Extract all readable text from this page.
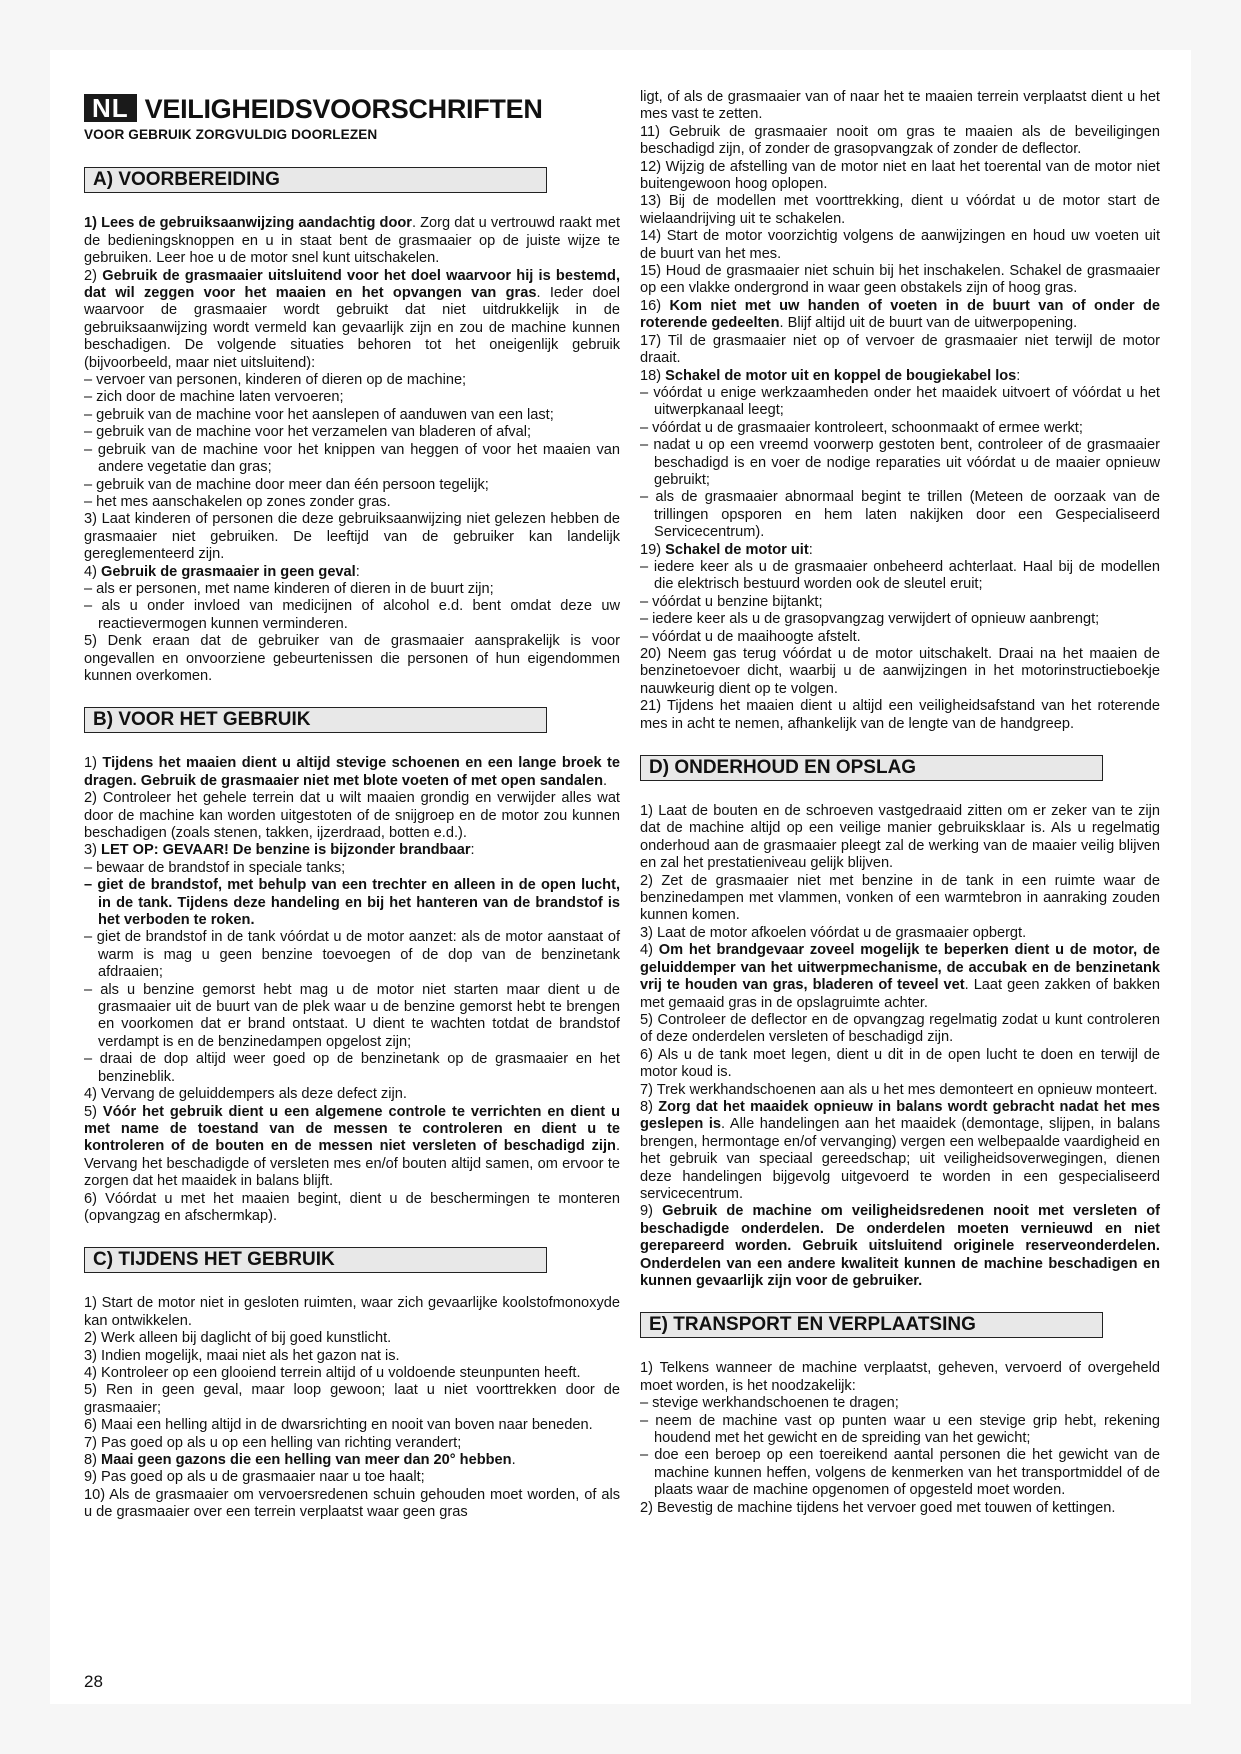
NL VEILIGHEIDSVOORSCHRIFTEN
VOOR GEBRUIK ZORGVULDIG DOORLEZEN
A) VOORBEREIDING

1) Lees de gebruiksaanwijzing aandachtig door. Zorg dat u vertrouwd raakt met de bedieningsknoppen en u in staat bent de grasmaaier op de juiste wijze te gebruiken. Leer hoe u de motor snel kunt uitschakelen.

2) Gebruik de grasmaaier uitsluitend voor het doel waarvoor hij is bestemd, dat wil zeggen voor het maaien en het opvangen van gras. Ieder doel waarvoor de grasmaaier wordt gebruikt dat niet uitdrukkelijk in de gebruiksaanwijzing wordt vermeld kan gevaarlijk zijn en zou de machine kunnen beschadigen. De volgende situaties behoren tot het oneigenlijk gebruik (bijvoorbeeld, maar niet uitsluitend):

– vervoer van personen, kinderen of dieren op de machine;

– zich door de machine laten vervoeren;

– gebruik van de machine voor het aanslepen of aanduwen van een last;

– gebruik van de machine voor het verzamelen van bladeren of afval;

– gebruik van de machine voor het knippen van heggen of voor het maaien van andere vegetatie dan gras;

– gebruik van de machine door meer dan één persoon tegelijk;

– het mes aanschakelen op zones zonder gras.

3) Laat kinderen of personen die deze gebruiksaanwijzing niet gelezen hebben de grasmaaier niet gebruiken. De leeftijd van de gebruiker kan landelijk gereglementeerd zijn.

4) Gebruik de grasmaaier in geen geval:

– als er personen, met name kinderen of dieren in de buurt zijn;

– als u onder invloed van medicijnen of alcohol e.d. bent omdat deze uw reactievermogen kunnen verminderen.

5) Denk eraan dat de gebruiker van de grasmaaier aansprakelijk is voor ongevallen en onvoorziene gebeurtenissen die personen of hun eigendommen kunnen overkomen.

B) VOOR HET GEBRUIK

1) Tijdens het maaien dient u altijd stevige schoenen en een lange broek te dragen. Gebruik de grasmaaier niet met blote voeten of met open sandalen.

2) Controleer het gehele terrein dat u wilt maaien grondig en verwijder alles wat door de machine kan worden uitgestoten of de snijgroep en de motor zou kunnen beschadigen (zoals stenen, takken, ijzerdraad, botten e.d.).

3) LET OP: GEVAAR! De benzine is bijzonder brandbaar:

– bewaar de brandstof in speciale tanks;

– giet de brandstof, met behulp van een trechter en alleen in de open lucht, in de tank. Tijdens deze handeling en bij het hanteren van de brandstof is het verboden te roken.

– giet de brandstof in de tank vóórdat u de motor aanzet: als de motor aanstaat of warm is mag u geen benzine toevoegen of de dop van de benzinetank afdraaien;

– als u benzine gemorst hebt mag u de motor niet starten maar dient u de grasmaaier uit de buurt van de plek waar u de benzine gemorst hebt te brengen en voorkomen dat er brand ontstaat. U dient te wachten totdat de brandstof verdampt is en de benzinedampen opgelost zijn;

– draai de dop altijd weer goed op de benzinetank op de grasmaaier en het benzineblik.

4) Vervang de geluiddempers als deze defect zijn.

5) Vóór het gebruik dient u een algemene controle te verrichten en dient u met name de toestand van de messen te controleren en dient u te kontroleren of de bouten en de messen niet versleten of beschadigd zijn. Vervang het beschadigde of versleten mes en/of bouten altijd samen, om ervoor te zorgen dat het maaidek in balans blijft.

6) Vóórdat u met het maaien begint, dient u de beschermingen te monteren (opvangzag en afschermkap).

C) TIJDENS HET GEBRUIK

1) Start de motor niet in gesloten ruimten, waar zich gevaarlijke koolstofmonoxyde kan ontwikkelen.

2) Werk alleen bij daglicht of bij goed kunstlicht.

3) Indien mogelijk, maai niet als het gazon nat is.

4) Kontroleer op een glooiend terrein altijd of u voldoende steunpunten heeft.

5) Ren in geen geval, maar loop gewoon; laat u niet voorttrekken door de grasmaaier;

6) Maai een helling altijd in de dwarsrichting en nooit van boven naar beneden.

7) Pas goed op als u op een helling van richting verandert;

8) Maai geen gazons die een helling van meer dan 20° hebben.

9) Pas goed op als u de grasmaaier naar u toe haalt;

10) Als de grasmaaier om vervoersredenen schuin gehouden moet worden, of als u de grasmaaier over een terrein verplaatst waar geen gras

ligt, of als de grasmaaier van of naar het te maaien terrein verplaatst dient u het mes vast te zetten.

11) Gebruik de grasmaaier nooit om gras te maaien als de beveiligingen beschadigd zijn, of zonder de grasopvangzak of zonder de deflector.

12) Wijzig de afstelling van de motor niet en laat het toerental van de motor niet buitengewoon hoog oplopen.

13) Bij de modellen met voorttrekking, dient u vóórdat u de motor start de wielaandrijving uit te schakelen.

14) Start de motor voorzichtig volgens de aanwijzingen en houd uw voeten uit de buurt van het mes.

15) Houd de grasmaaier niet schuin bij het inschakelen. Schakel de grasmaaier op een vlakke ondergrond in waar geen obstakels zijn of hoog gras.

16) Kom niet met uw handen of voeten in de buurt van of onder de roterende gedeelten. Blijf altijd uit de buurt van de uitwerpopening.

17) Til de grasmaaier niet op of vervoer de grasmaaier niet terwijl de motor draait.

18) Schakel de motor uit en koppel de bougiekabel los:

– vóórdat u enige werkzaamheden onder het maaidek uitvoert of vóórdat u het uitwerpkanaal leegt;

– vóórdat u de grasmaaier kontroleert, schoonmaakt of ermee werkt;

– nadat u op een vreemd voorwerp gestoten bent, controleer of de grasmaaier beschadigd is en voer de nodige reparaties uit vóórdat u de maaier opnieuw gebruikt;

– als de grasmaaier abnormaal begint te trillen (Meteen de oorzaak van de trillingen opsporen en hem laten nakijken door een Gespecialiseerd Servicecentrum).

19) Schakel de motor uit:

– iedere keer als u de grasmaaier onbeheerd achterlaat. Haal bij de modellen die elektrisch bestuurd worden ook de sleutel eruit;

– vóórdat u benzine bijtankt;

– iedere keer als u de grasopvangzag verwijdert of opnieuw aanbrengt;

– vóórdat u de maaihoogte afstelt.

20) Neem gas terug vóórdat u de motor uitschakelt. Draai na het maaien de benzinetoevoer dicht, waarbij u de aanwijzingen in het motorinstructieboekje nauwkeurig dient op te volgen.

21) Tijdens het maaien dient u altijd een veiligheidsafstand van het roterende mes in acht te nemen, afhankelijk van de lengte van de handgreep.

D) ONDERHOUD EN OPSLAG

1) Laat de bouten en de schroeven vastgedraaid zitten om er zeker van te zijn dat de machine altijd op een veilige manier gebruiksklaar is. Als u regelmatig onderhoud aan de grasmaaier pleegt zal de werking van de maaier veilig blijven en zal het prestatieniveau gelijk blijven.

2) Zet de grasmaaier niet met benzine in de tank in een ruimte waar de benzinedampen met vlammen, vonken of een warmtebron in aanraking zouden kunnen komen.

3) Laat de motor afkoelen vóórdat u de grasmaaier opbergt.

4) Om het brandgevaar zoveel mogelijk te beperken dient u de motor, de geluiddemper van het uitwerpmechanisme, de accubak en de benzinetank vrij te houden van gras, bladeren of teveel vet. Laat geen zakken of bakken met gemaaid gras in de opslagruimte achter.

5) Controleer de deflector en de opvangzag regelmatig zodat u kunt controleren of deze onderdelen versleten of beschadigd zijn.

6) Als u de tank moet legen, dient u dit in de open lucht te doen en terwijl de motor koud is.

7) Trek werkhandschoenen aan als u het mes demonteert en opnieuw monteert.

8) Zorg dat het maaidek opnieuw in balans wordt gebracht nadat het mes geslepen is. Alle handelingen aan het maaidek (demontage, slijpen, in balans brengen, hermontage en/of vervanging) vergen een welbepaalde vaardigheid en het gebruik van speciaal gereedschap; uit veiligheidsoverwegingen, dienen deze handelingen bijgevolg uitgevoerd te worden in een gespecialiseerd servicecentrum.

9) Gebruik de machine om veiligheidsredenen nooit met versleten of beschadigde onderdelen. De onderdelen moeten vernieuwd en niet gerepareerd worden. Gebruik uitsluitend originele reserveonderdelen. Onderdelen van een andere kwaliteit kunnen de machine beschadigen en kunnen gevaarlijk zijn voor de gebruiker.

E) TRANSPORT EN VERPLAATSING

1) Telkens wanneer de machine verplaatst, geheven, vervoerd of overgeheld moet worden, is het noodzakelijk:

– stevige werkhandschoenen te dragen;

– neem de machine vast op punten waar u een stevige grip hebt, rekening houdend met het gewicht en de spreiding van het gewicht;

– doe een beroep op een toereikend aantal personen die het gewicht van de machine kunnen heffen, volgens de kenmerken van het transportmiddel of de plaats waar de machine opgenomen of opgesteld moet worden.

2) Bevestig de machine tijdens het vervoer goed met touwen of kettingen.

28
